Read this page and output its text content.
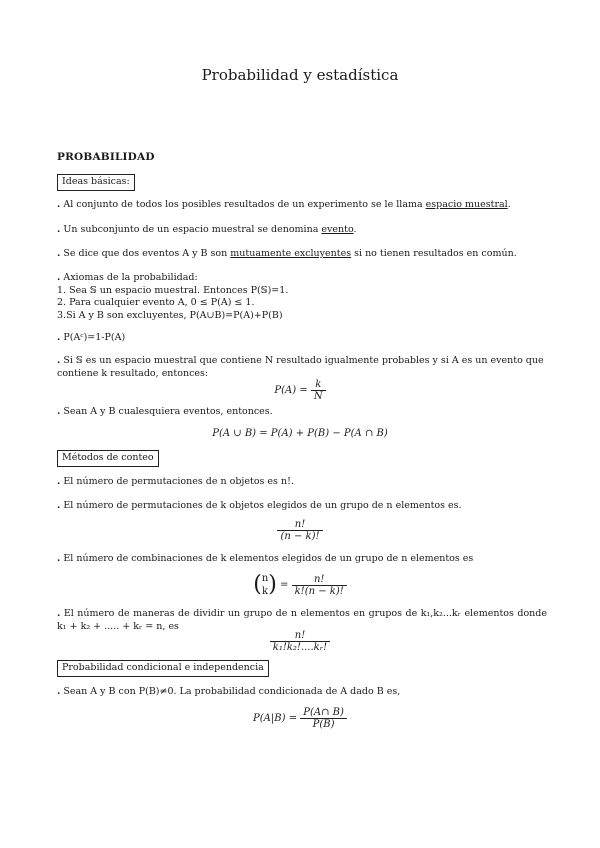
Probabilidad y estadística
PROBABILIDAD
Ideas básicas:
. Al conjunto de todos los posibles resultados de un experimento se le llama espacio muestral.
. Un subconjunto de un espacio muestral se denomina evento.
. Se dice que dos eventos A y B son mutuamente excluyentes si no tienen resultados en común.
. Axiomas de la probabilidad:
1. Sea 𝕊 un espacio muestral. Entonces P(𝕊)=1.
2. Para cualquier evento A, 0 ≤ P(A) ≤ 1.
3.Si A y B son excluyentes, P(A∪B)=P(A)+P(B)
. P(Aᶜ)=1-P(A)
. Si 𝕊 es un espacio muestral que contiene N resultado igualmente probables y si A es un evento que contiene k resultado, entonces:
$P(A) = \frac{k}{N}$
. Sean A y B cualesquiera eventos, entonces.
P(A ∪ B) = P(A) + P(B) − P(A ∩ B)
Métodos de conteo
. El número de permutaciones de n objetos es n!.
. El número de permutaciones de k objetos elegidos de un grupo de n elementos es.
$\frac{n!}{(n - k)!}$
. El número de combinaciones de k elementos elegidos de un grupo de n elementos es
( n
k ) = $\frac{n!}{k!(n - k)!}$
. El número de maneras de dividir un grupo de n elementos en grupos de k₁,k₂...kᵣ elementos donde k₁ + k₂ + ..... + kᵣ = n, es
$\frac{n!}{\text{k₁!k₂!....kᵣ!}}$
Probabilidad condicional e independencia
. Sean A y B con P(B)≠0. La probabilidad condicionada de A dado B es,
$P(A|B) = \frac{P(A\cap B)}{P(B)}$
